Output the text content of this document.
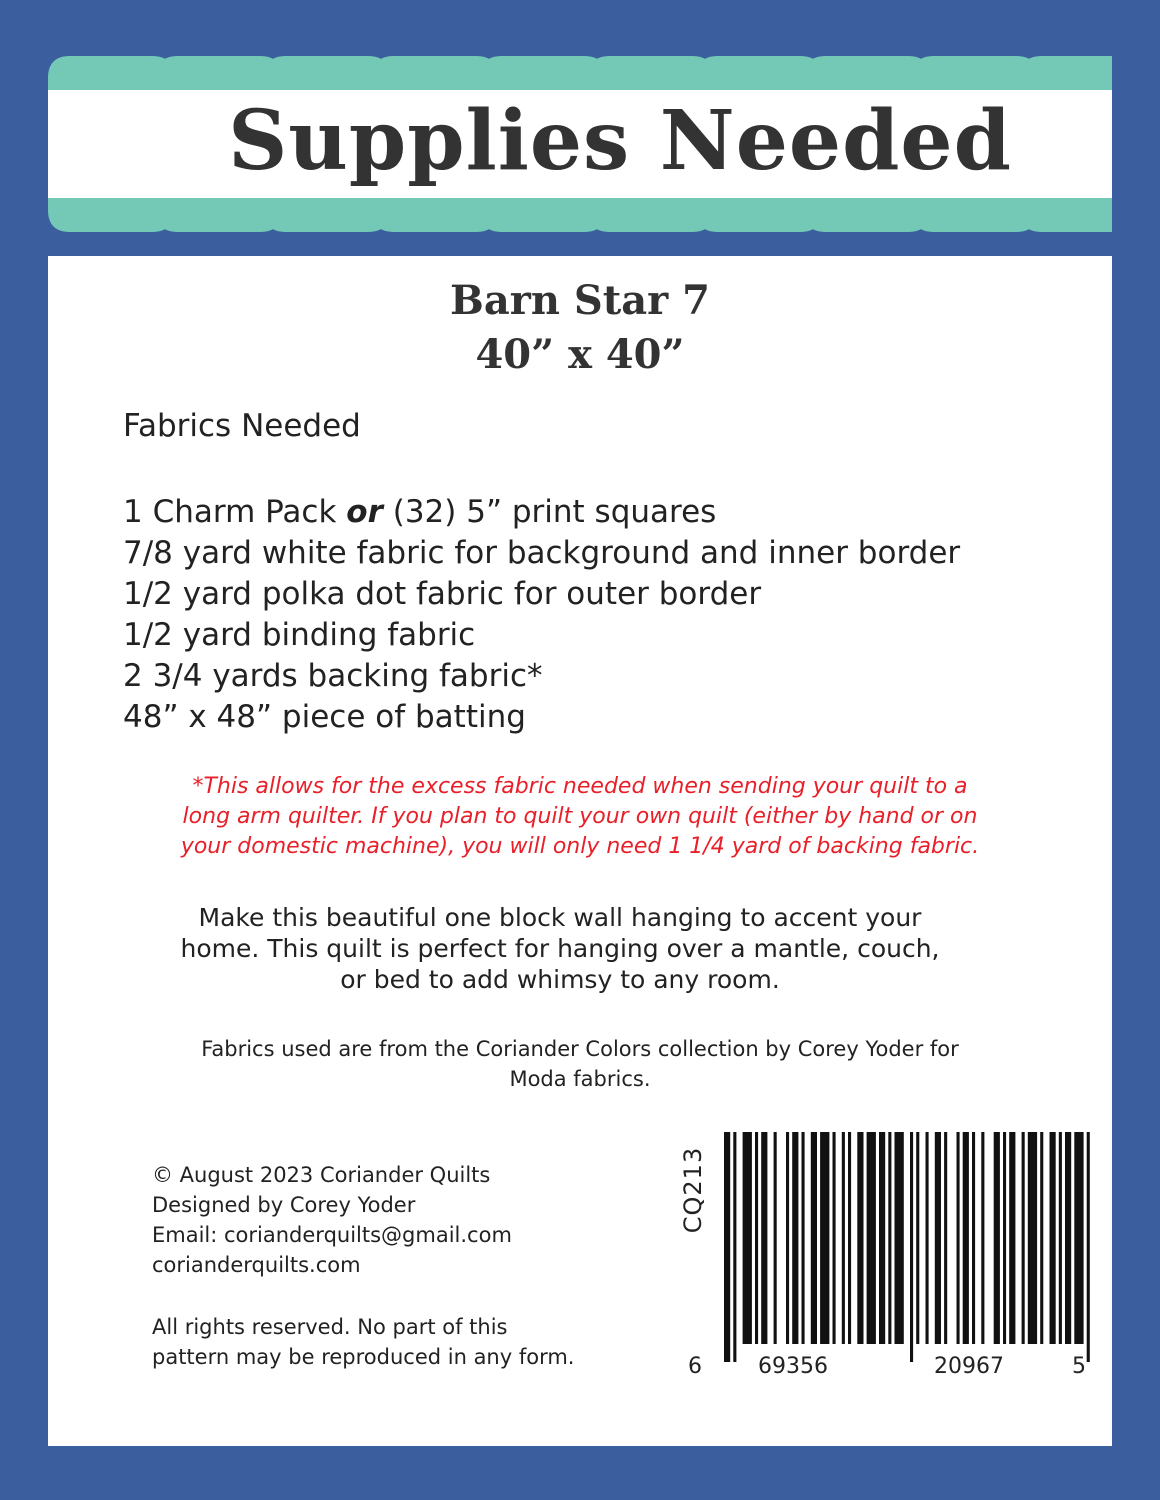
Supplies Needed
Barn Star 7
40” x 40”
Fabrics Needed
1 Charm Pack or (32) 5” print squares
7/8 yard white fabric for background and inner border
1/2 yard polka dot fabric for outer border
1/2 yard binding fabric
2 3/4 yards backing fabric*
48” x 48” piece of batting
*This allows for the excess fabric needed when sending your quilt to a
long arm quilter. If you plan to quilt your own quilt (either by hand or on
your domestic machine), you will only need 1 1/4 yard of backing fabric.
Make this beautiful one block wall hanging to accent your
home. This quilt is perfect for hanging over a mantle, couch,
or bed to add whimsy to any room.
Fabrics used are from the Coriander Colors collection by Corey Yoder for
Moda fabrics.
© August 2023 Coriander Quilts
Designed by Corey Yoder
Email: corianderquilts@gmail.com
corianderquilts.com
All rights reserved. No part of this
pattern may be reproduced in any form.
CQ213
6	69356	20967	5
